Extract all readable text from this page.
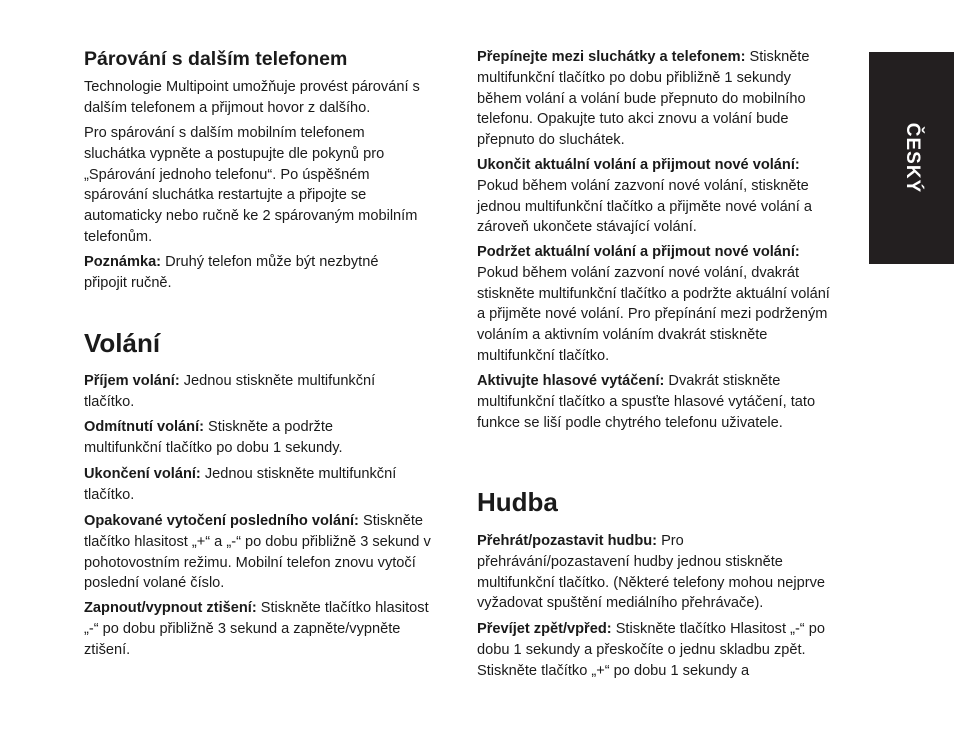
ČESKÝ
Párování s dalším telefonem

Technologie Multipoint umožňuje provést párování s dalším telefonem a přijmout hovor z dalšího.

Pro spárování s dalším mobilním telefonem sluchátka vypněte a postupujte dle pokynů pro „Spárování jednoho telefonu“. Po úspěšném spárování sluchátka restartujte a připojte se automaticky nebo ručně ke 2 spárovaným mobilním telefonům.

Poznámka: Druhý telefon může být nezbytné připojit ručně.

Volání

Příjem volání: Jednou stiskněte multifunkční tlačítko.

Odmítnutí volání: Stiskněte a podržte multifunkční tlačítko po dobu 1 sekundy.

Ukončení volání: Jednou stiskněte multifunkční tlačítko.

Opakované vytočení posledního volání: Stiskněte tlačítko hlasitost „+“ a „-“ po dobu přibližně 3 sekund v pohotovostním režimu. Mobilní telefon znovu vytočí poslední volané číslo.

Zapnout/vypnout ztišení: Stiskněte tlačítko hlasitost „-“ po dobu přibližně 3 sekund a zapněte/vypněte ztišení.

Přepínejte mezi sluchátky a telefonem: Stiskněte multifunkční tlačítko po dobu přibližně 1 sekundy během volání a volání bude přepnuto do mobilního telefonu. Opakujte tuto akci znovu a volání bude přepnuto do sluchátek.

Ukončit aktuální volání a přijmout nové volání: Pokud během volání zazvoní nové volání, stiskněte jednou multifunkční tlačítko a přijměte nové volání a zároveň ukončete stávající volání.

Podržet aktuální volání a přijmout nové volání: Pokud během volání zazvoní nové volání, dvakrát stiskněte multifunkční tlačítko a podržte aktuální volání a přijměte nové volání. Pro přepínání mezi podrženým voláním a aktivním voláním dvakrát stiskněte multifunkční tlačítko.

Aktivujte hlasové vytáčení: Dvakrát stiskněte multifunkční tlačítko a spusťte hlasové vytáčení, tato funkce se liší podle chytrého telefonu uživatele.

Hudba

Přehrát/pozastavit hudbu: Pro přehrávání/pozastavení hudby jednou stiskněte multifunkční tlačítko. (Některé telefony mohou nejprve vyžadovat spuštění mediálního přehrávače).

Převíjet zpět/vpřed: Stiskněte tlačítko Hlasitost „-“ po dobu 1 sekundy a přeskočíte o jednu skladbu zpět. Stiskněte tlačítko „+“ po dobu 1 sekundy a
